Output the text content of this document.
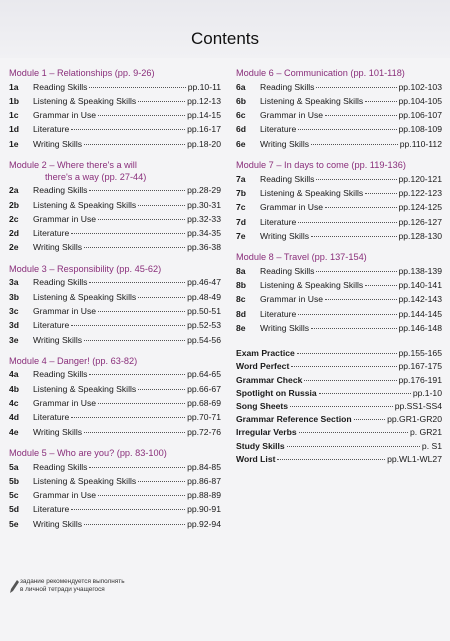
Contents
Module 1 – Relationships (pp. 9-26)
1a	Reading Skills	pp.10-11
1b	Listening & Speaking Skills	pp.12-13
1c	Grammar in Use	pp.14-15
1d	Literature	pp.16-17
1e	Writing Skills	pp.18-20
Module 2 – Where there's a will
there's a way (pp. 27-44)
2a	Reading Skills	pp.28-29
2b	Listening & Speaking Skills	pp.30-31
2c	Grammar in Use	pp.32-33
2d	Literature	pp.34-35
2e	Writing Skills	pp.36-38
Module 3 – Responsibility (pp. 45-62)
3a	Reading Skills	pp.46-47
3b	Listening & Speaking Skills	pp.48-49
3c	Grammar in Use	pp.50-51
3d	Literature	pp.52-53
3e	Writing Skills	pp.54-56
Module 4 – Danger! (pp. 63-82)
4a	Reading Skills	pp.64-65
4b	Listening & Speaking Skills	pp.66-67
4c	Grammar in Use	pp.68-69
4d	Literature	pp.70-71
4e	Writing Skills	pp.72-76
Module 5 – Who are you? (pp. 83-100)
5a	Reading Skills	pp.84-85
5b	Listening & Speaking Skills	pp.86-87
5c	Grammar in Use	pp.88-89
5d	Literature	pp.90-91
5e	Writing Skills	pp.92-94
Module 6 – Communication (pp. 101-118)
6a	Reading Skills	pp.102-103
6b	Listening & Speaking Skills	pp.104-105
6c	Grammar in Use	pp.106-107
6d	Literature	pp.108-109
6e	Writing Skills	pp.110-112
Module 7 – In days to come (pp. 119-136)
7a	Reading Skills	pp.120-121
7b	Listening & Speaking Skills	pp.122-123
7c	Grammar in Use	pp.124-125
7d	Literature	pp.126-127
7e	Writing Skills	pp.128-130
Module 8 – Travel (pp. 137-154)
8a	Reading Skills	pp.138-139
8b	Listening & Speaking Skills	pp.140-141
8c	Grammar in Use	pp.142-143
8d	Literature	pp.144-145
8e	Writing Skills	pp.146-148
Exam Practice	pp.155-165
Word Perfect	pp.167-175
Grammar Check	pp.176-191
Spotlight on Russia	pp.1-10
Song Sheets	pp.SS1-SS4
Grammar Reference Section	pp.GR1-GR20
Irregular Verbs	p. GR21
Study Skills	p. S1
Word List	pp.WL1-WL27
задание рекомендуется выполнять
в личной тетради учащегося
